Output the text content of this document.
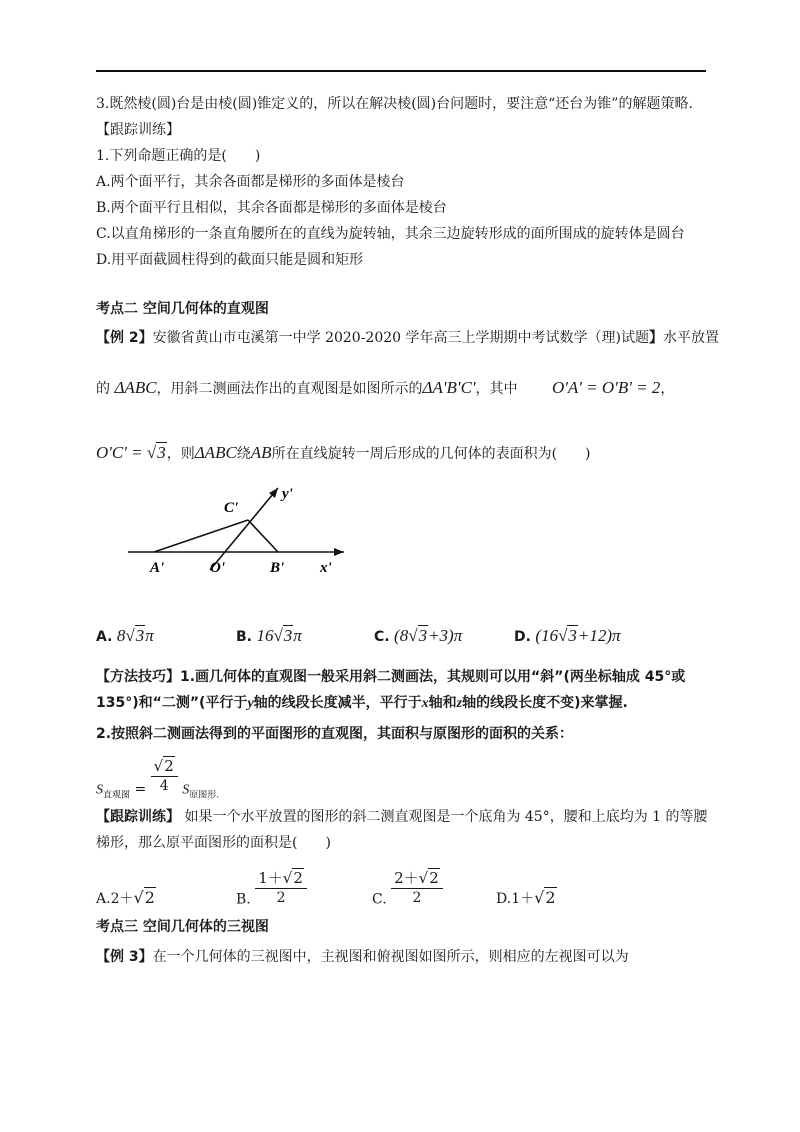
3.既然棱(圆)台是由棱(圆)锥定义的，所以在解决棱(圆)台问题时，要注意“还台为锥”的解题策略.
【跟踪训练】
1.下列命题正确的是(　　)
A.两个面平行，其余各面都是梯形的多面体是棱台
B.两个面平行且相似，其余各面都是梯形的多面体是棱台
C.以直角梯形的一条直角腰所在的直线为旋转轴，其余三边旋转形成的面所围成的旋转体是圆台
D.用平面截圆柱得到的截面只能是圆和矩形
考点二 空间几何体的直观图
【例 2】安徽省黄山市屯溪第一中学 2020-2020 学年高三上学期期中考试数学（理)试题】水平放置
的 ΔABC，用斜二测画法作出的直观图是如图所示的ΔA'B'C'，其中 O'A' = O'B' = 2，
O'C' = √3，则ΔABC绕AB所在直线旋转一周后形成的几何体的表面积为(　　)
C'
y'
A'	O'	B' x'
A. 8√3π	B. 16√3π	C. (8√3+3)π	D. (16√3+12)π
【方法技巧】1.画几何体的直观图一般采用斜二测画法，其规则可以用“斜”(两坐标轴成 45°或
135°)和“二测”(平行于y轴的线段长度减半，平行于x轴和z轴的线段长度不变)来掌握.
2.按照斜二测画法得到的平面图形的直观图，其面积与原图形的面积的关系：
$S_{直观图} = \frac{√2}{4} S_{原图形.}$
【跟踪训练】 如果一个水平放置的图形的斜二测直观图是一个底角为 45°，腰和上底均为 1 的等腰
梯形，那么原平面图形的面积是(　　)
A.2＋√2	B. $\frac{1+√2}{2}$	C. $\frac{2+√2}{2}$	D.1＋√2
考点三 空间几何体的三视图
【例 3】在一个几何体的三视图中，主视图和俯视图如图所示，则相应的左视图可以为
